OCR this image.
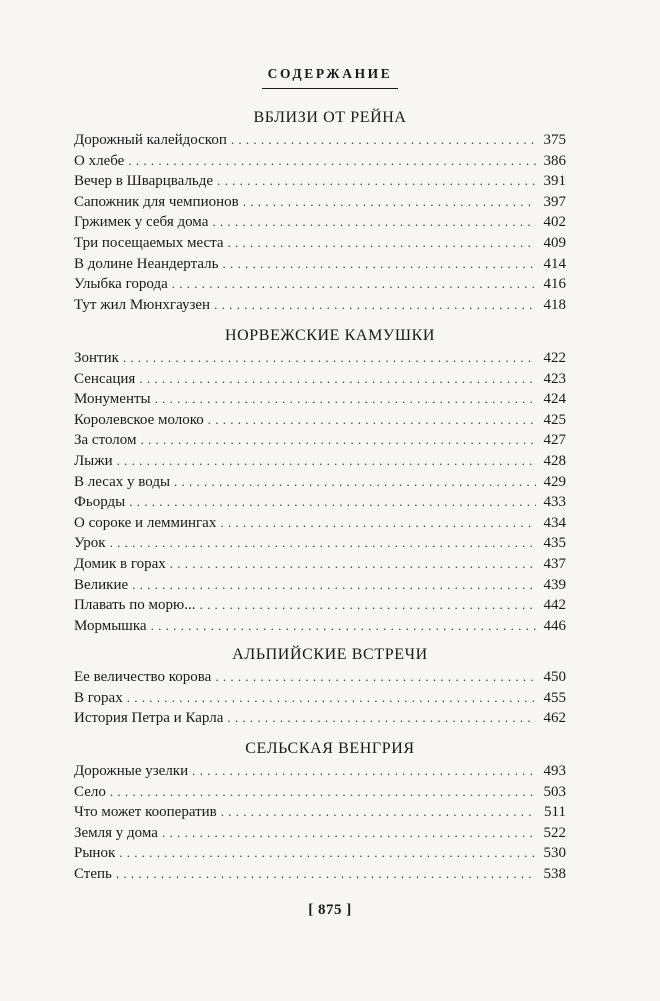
СОДЕРЖАНИЕ
ВБЛИЗИ ОТ РЕЙНА
Дорожный калейдоскоп . . .	375
О хлебе . . .	386
Вечер в Шварцвальде . . .	391
Сапожник для чемпионов . . .	397
Гржимек у себя дома . . .	402
Три посещаемых места . . .	409
В долине Неандерталь . . .	414
Улыбка города . . .	416
Тут жил Мюнхгаузен . . .	418
НОРВЕЖСКИЕ КАМУШКИ
Зонтик . . .	422
Сенсация . . .	423
Монументы . . .	424
Королевское молоко . . .	425
За столом . . .	427
Лыжи . . .	428
В лесах у воды . . .	429
Фьорды . . .	433
О сороке и леммингах . . .	434
Урок . . .	435
Домик в горах . . .	437
Великие . . .	439
Плавать по морю... . . .	442
Мормышка . . .	446
АЛЬПИЙСКИЕ ВСТРЕЧИ
Ее величество корова . . .	450
В горах . . .	455
История Петра и Карла . . .	462
СЕЛЬСКАЯ ВЕНГРИЯ
Дорожные узелки . . .	493
Село . . .	503
Что может кооператив . . .	511
Земля у дома . . .	522
Рынок . . .	530
Степь . . .	538
[ 875 ]
